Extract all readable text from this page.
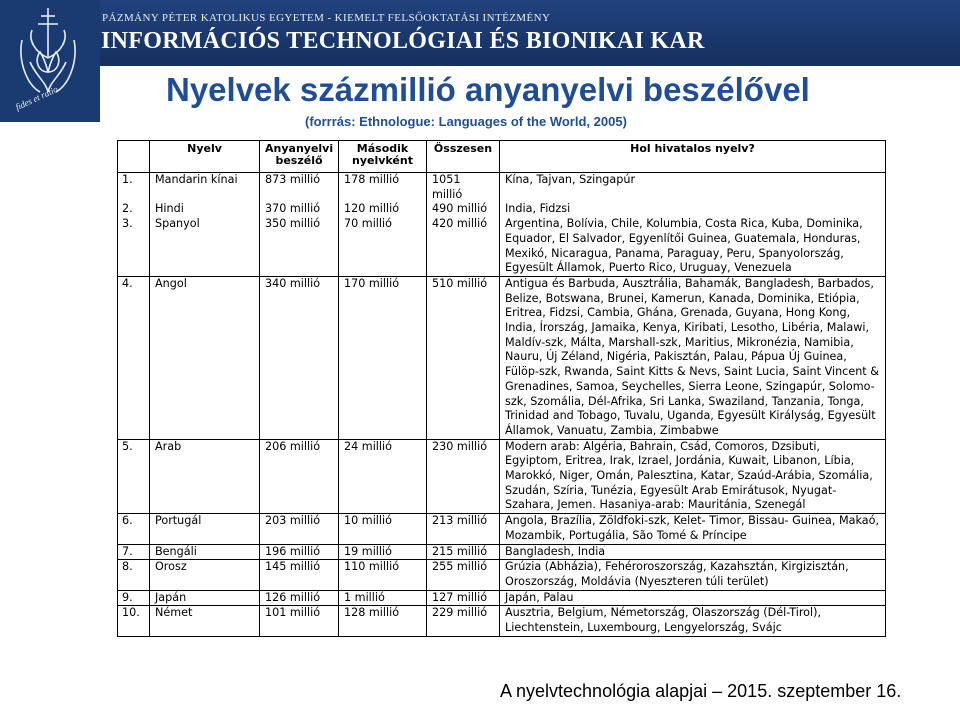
fides et ratio
PÁZMÁNY PÉTER KATOLIKUS EGYETEM - KIEMELT FELSŐOKTATÁSI INTÉZMÉNY
INFORMÁCIÓS TECHNOLÓGIAI ÉS BIONIKAI KAR
Nyelvek százmillió anyanyelvi beszélővel
(forrrás: Ethnologue: Languages of the World, 2005)
	Nyelv	Anyanyelvi beszélő	Második nyelvként	Összesen	Hol hivatalos nyelv?
1.	Mandarin kínai	873 millió	178 millió	1051 millió	Kína, Tajvan, Szingapúr
2.	Hindi	370 millió	120 millió	490 millió	India, Fidzsi
3.	Spanyol	350 millió	70 millió	420 millió	Argentina, Bolívia, Chile, Kolumbia, Costa Rica, Kuba, Dominika, Equador, El Salvador, Egyenlítői Guinea, Guatemala, Honduras, Mexikó, Nicaragua, Panama, Paraguay, Peru, Spanyolország, Egyesült Államok, Puerto Rico, Uruguay, Venezuela
4.	Angol	340 millió	170 millió	510 millió	Antigua és Barbuda, Ausztrália, Bahamák, Bangladesh, Barbados, Belize, Botswana, Brunei, Kamerun, Kanada, Dominika, Etiópia, Eritrea, Fidzsi, Cambia, Ghána, Grenada, Guyana, Hong Kong, India, Írország, Jamaika, Kenya, Kiribati, Lesotho, Libéria, Malawi, Maldív-szk, Málta, Marshall-szk, Maritius, Mikronézia, Namibia, Nauru, Új Zéland, Nigéria, Pakisztán, Palau, Pápua Új Guinea, Fülöp-szk, Rwanda, Saint Kitts & Nevs, Saint Lucia, Saint Vincent & Grenadines, Samoa, Seychelles, Sierra Leone, Szingapúr, Solomo-szk, Szomália, Dél-Afrika, Sri Lanka, Swaziland, Tanzania, Tonga, Trinidad and Tobago, Tuvalu, Uganda, Egyesült Királyság, Egyesült Államok, Vanuatu, Zambia, Zimbabwe
5.	Arab	206 millió	24 millió	230 millió	Modern arab: Algéria, Bahrain, Csád, Comoros, Dzsibuti, Egyiptom, Eritrea, Irak, Izrael, Jordánia, Kuwait, Libanon, Líbia, Marokkó, Niger, Omán, Palesztina, Katar, Szaúd-Arábia, Szomália, Szudán, Szíria, Tunézia, Egyesült Arab Emirátusok, Nyugat- Szahara, Jemen. Hasaniya-arab: Mauritánia, Szenegál
6.	Portugál	203 millió	10 millió	213 millió	Angola, Brazília, Zöldfoki-szk, Kelet- Timor, Bissau- Guinea, Makaó, Mozambik, Portugália, São Tomé & Príncipe
7.	Bengáli	196 millió	19 millió	215 millió	Bangladesh, India
8.	Orosz	145 millió	110 millió	255 millió	Grúzia (Abházia), Fehéroroszország, Kazahsztán, Kirgizisztán, Oroszország, Moldávia (Nyeszteren túli terület)
9.	Japán	126 millió	1 millió	127 millió	Japán, Palau
10.	Német	101 millió	128 millió	229 millió	Ausztria, Belgium, Németország, Olaszország (Dél-Tirol), Liechtenstein, Luxembourg, Lengyelország, Svájc
A nyelvtechnológia alapjai – 2015. szeptember 16.
